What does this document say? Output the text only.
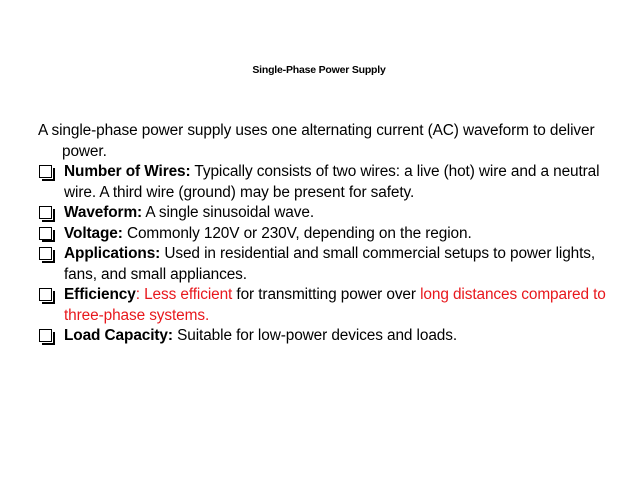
Single-Phase Power Supply

A single-phase power supply uses one alternating current (AC) waveform to deliver power.

Number of Wires: Typically consists of two wires: a live (hot) wire and a neutral wire. A third wire (ground) may be present for safety.
Waveform: A single sinusoidal wave.
Voltage: Commonly 120V or 230V, depending on the region.
Applications: Used in residential and small commercial setups to power lights, fans, and small appliances.
Efficiency: Less efficient for transmitting power over long distances compared to three-phase systems.
Load Capacity: Suitable for low-power devices and loads.
